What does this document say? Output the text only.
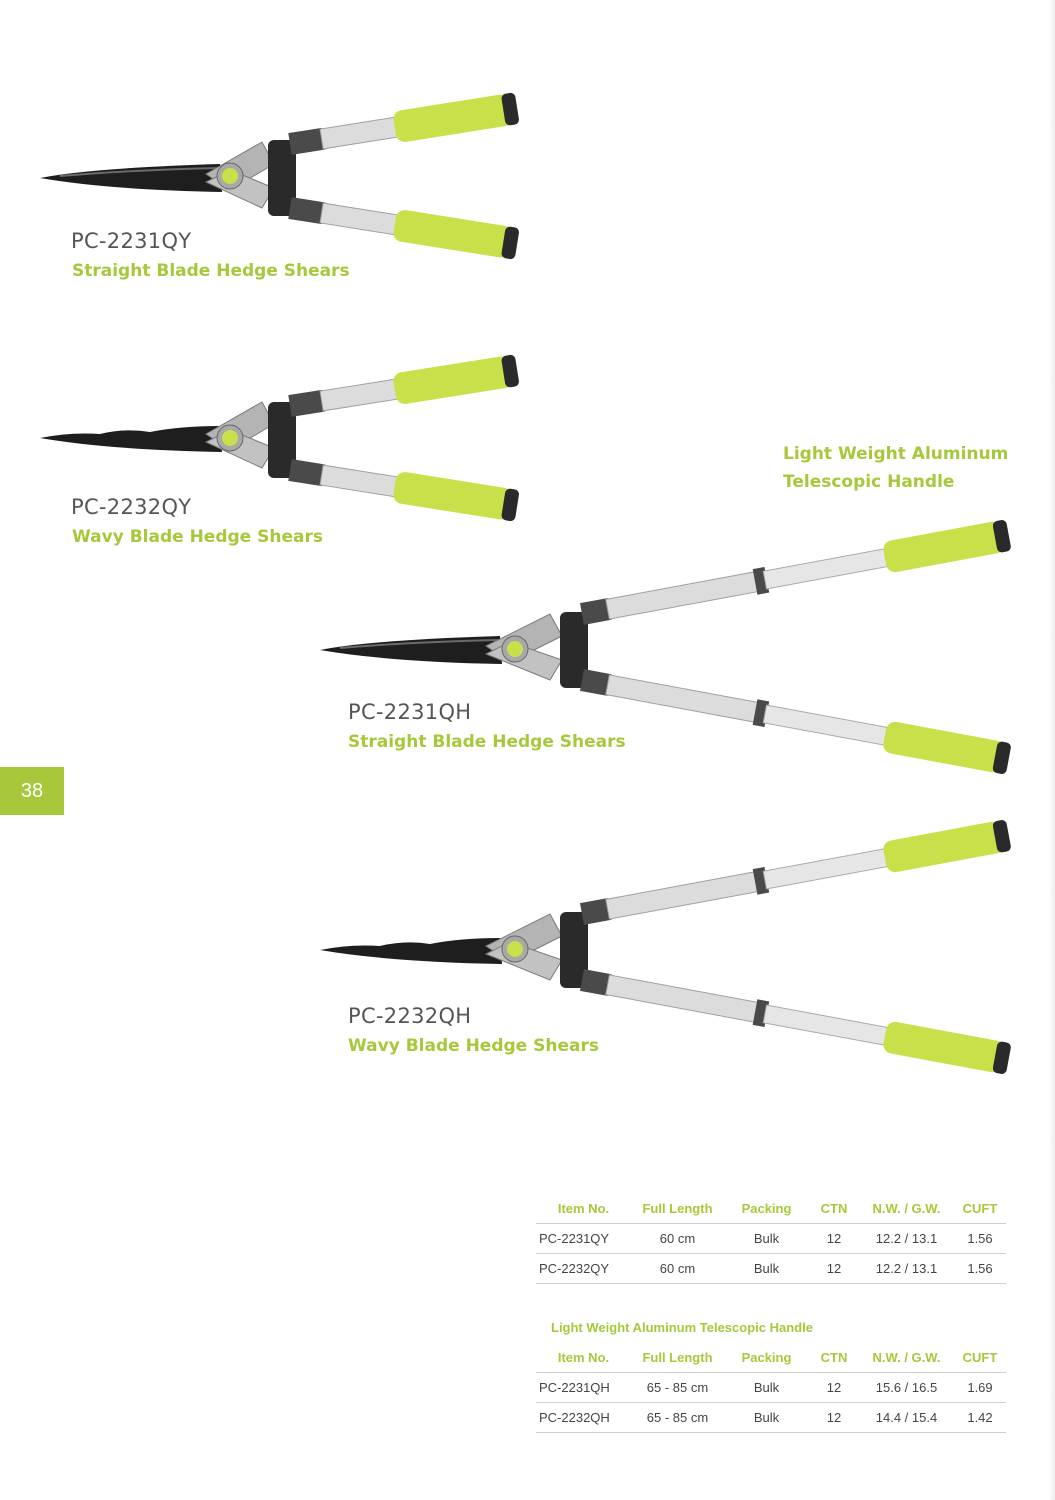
PC-2231QY
Straight Blade Hedge Shears
PC-2232QY
Wavy Blade Hedge Shears
Light Weight Aluminum
Telescopic Handle
PC-2231QH
Straight Blade Hedge Shears
38
PC-2232QH
Wavy Blade Hedge Shears
Item No.	Full Length	Packing	CTN	N.W. / G.W.	CUFT
PC-2231QY	60 cm	Bulk	12	12.2 / 13.1	1.56
PC-2232QY	60 cm	Bulk	12	12.2 / 13.1	1.56
Light Weight Aluminum Telescopic Handle
Item No.	Full Length	Packing	CTN	N.W. / G.W.	CUFT
PC-2231QH	65 - 85 cm	Bulk	12	15.6 / 16.5	1.69
PC-2232QH	65 - 85 cm	Bulk	12	14.4 / 15.4	1.42
